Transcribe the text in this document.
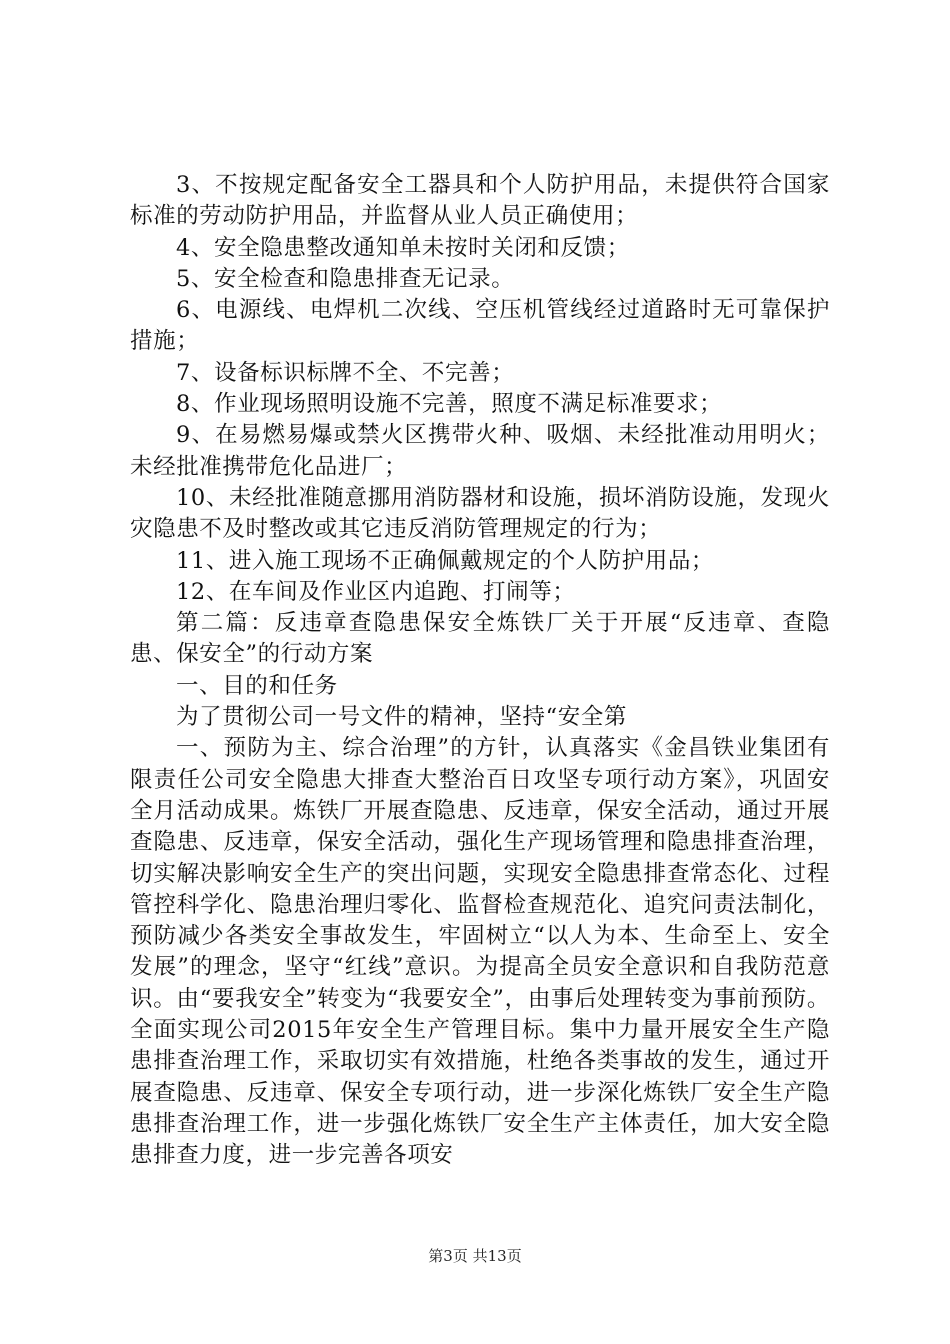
3、不按规定配备安全工器具和个人防护用品，未提供符合国家标准的劳动防护用品，并监督从业人员正确使用；

4、安全隐患整改通知单未按时关闭和反馈；

5、安全检查和隐患排查无记录。

6、电源线、电焊机二次线、空压机管线经过道路时无可靠保护措施；

7、设备标识标牌不全、不完善；

8、作业现场照明设施不完善，照度不满足标准要求；

9、在易燃易爆或禁火区携带火种、吸烟、未经批准动用明火；未经批准携带危化品进厂；

10、未经批准随意挪用消防器材和设施，损坏消防设施，发现火灾隐患不及时整改或其它违反消防管理规定的行为；

11、进入施工现场不正确佩戴规定的个人防护用品；

12、在车间及作业区内追跑、打闹等；

第二篇：反违章查隐患保安全炼铁厂关于开展“反违章、查隐患、保安全”的行动方案

一、目的和任务

为了贯彻公司一号文件的精神，坚持“安全第

一、预防为主、综合治理”的方针，认真落实《金昌铁业集团有限责任公司安全隐患大排查大整治百日攻坚专项行动方案》，巩固安全月活动成果。炼铁厂开展查隐患、反违章，保安全活动，通过开展查隐患、反违章，保安全活动，强化生产现场管理和隐患排查治理，切实解决影响安全生产的突出问题，实现安全隐患排查常态化、过程管控科学化、隐患治理归零化、监督检查规范化、追究问责法制化，预防减少各类安全事故发生，牢固树立“以人为本、生命至上、安全发展”的理念，坚守“红线”意识。为提高全员安全意识和自我防范意识。由“要我安全”转变为“我要安全”，由事后处理转变为事前预防。全面实现公司2015年安全生产管理目标。集中力量开展安全生产隐患排查治理工作，采取切实有效措施，杜绝各类事故的发生，通过开展查隐患、反违章、保安全专项行动，进一步深化炼铁厂安全生产隐患排查治理工作，进一步强化炼铁厂安全生产主体责任，加大安全隐患排查力度，进一步完善各项安

第3页 共13页
